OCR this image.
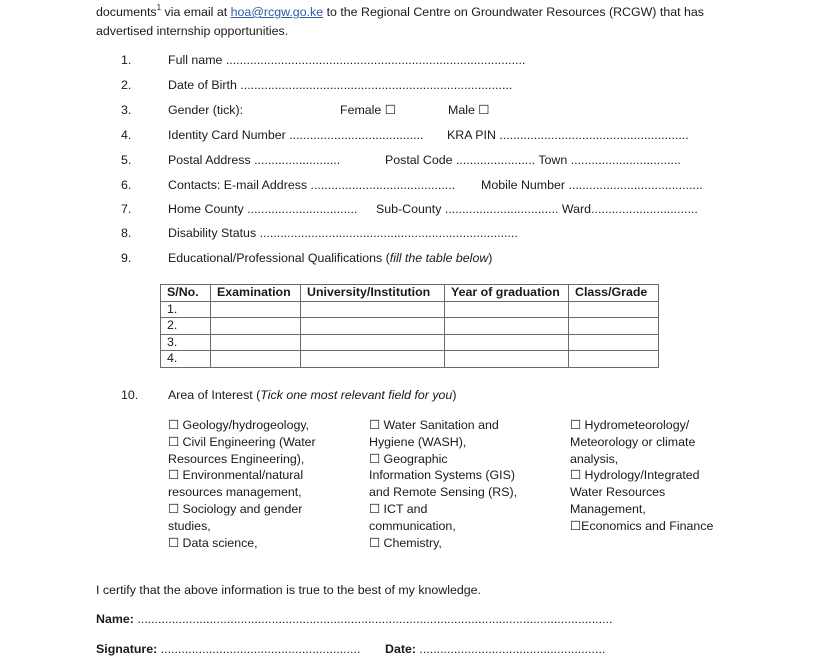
documents$^1$ via email at hoa@rcgw.go.ke to the Regional Centre on Groundwater Resources (RCGW) that has
advertised internship opportunities.
1.	Full name .......................................................................................
2.	Date of Birth ...............................................................................
3.	Gender (tick):	Female ☐	Male ☐
4.	Identity Card Number ....................................... KRA PIN .......................................................
5.	Postal Address .........................	Postal Code ....................... Town ................................
6.	Contacts: E-mail Address .......................................... Mobile Number .......................................
7.	Home County ................................ Sub-County ................................. Ward...............................
8.	Disability Status ...........................................................................
9.	Educational/Professional Qualifications (fill the table below)
S/No.	Examination	University/Institution	Year of graduation	Class/Grade
1.				
2.				
3.				
4.				
10.	Area of Interest (Tick one most relevant field for you)
☐ Geology/hydrogeology,
☐ Civil Engineering (Water
Resources Engineering),
☐ Environmental/natural
resources management,
☐ Sociology and gender
studies,
☐ Data science,
☐ Water Sanitation and
Hygiene (WASH),
☐ Geographic
Information Systems (GIS)
and Remote Sensing (RS),
☐ ICT and
communication,
☐ Chemistry,
☐ Hydrometeorology/
Meteorology or climate
analysis,
☐ Hydrology/Integrated
Water Resources
Management,
☐Economics and Finance
I certify that the above information is true to the best of my knowledge.
Name: ..........................................................................................................................................
Signature: .......................................................... Date: ......................................................
